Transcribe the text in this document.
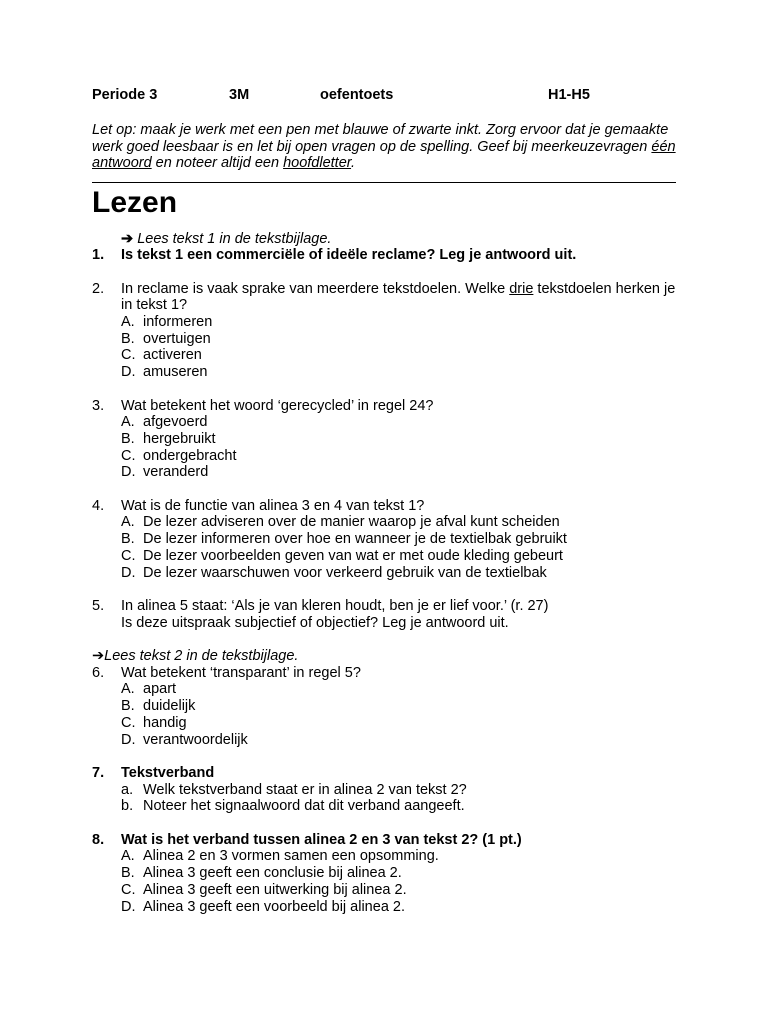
Periode 3	3M	oefentoets	H1-H5
Let op: maak je werk met een pen met blauwe of zwarte inkt. Zorg ervoor dat je gemaakte werk goed leesbaar is en let bij open vragen op de spelling. Geef bij meerkeuzevragen één antwoord en noteer altijd een hoofdletter.
Lezen
➔ Lees tekst 1 in de tekstbijlage.
1.	Is tekst 1 een commerciële of ideële reclame? Leg je antwoord uit.
2.	In reclame is vaak sprake van meerdere tekstdoelen. Welke drie tekstdoelen herken je in tekst 1?
A. informeren
B. overtuigen
C. activeren
D. amuseren
3.	Wat betekent het woord ‘gerecycled’ in regel 24?
A. afgevoerd
B. hergebruikt
C. ondergebracht
D. veranderd
4.	Wat is de functie van alinea 3 en 4 van tekst 1?
A. De lezer adviseren over de manier waarop je afval kunt scheiden
B. De lezer informeren over hoe en wanneer je de textielbak gebruikt
C. De lezer voorbeelden geven van wat er met oude kleding gebeurt
D. De lezer waarschuwen voor verkeerd gebruik van de textielbak
5.	In alinea 5 staat: ‘Als je van kleren houdt, ben je er lief voor.’ (r. 27)
Is deze uitspraak subjectief of objectief? Leg je antwoord uit.
➔Lees tekst 2 in de tekstbijlage.
6.	Wat betekent ‘transparant’ in regel 5?
A. apart
B. duidelijk
C. handig
D. verantwoordelijk
7.	Tekstverband
a. Welk tekstverband staat er in alinea 2 van tekst 2?
b. Noteer het signaalwoord dat dit verband aangeeft.
8.	Wat is het verband tussen alinea 2 en 3 van tekst 2? (1 pt.)
A. Alinea 2 en 3 vormen samen een opsomming.
B. Alinea 3 geeft een conclusie bij alinea 2.
C. Alinea 3 geeft een uitwerking bij alinea 2.
D. Alinea 3 geeft een voorbeeld bij alinea 2.
